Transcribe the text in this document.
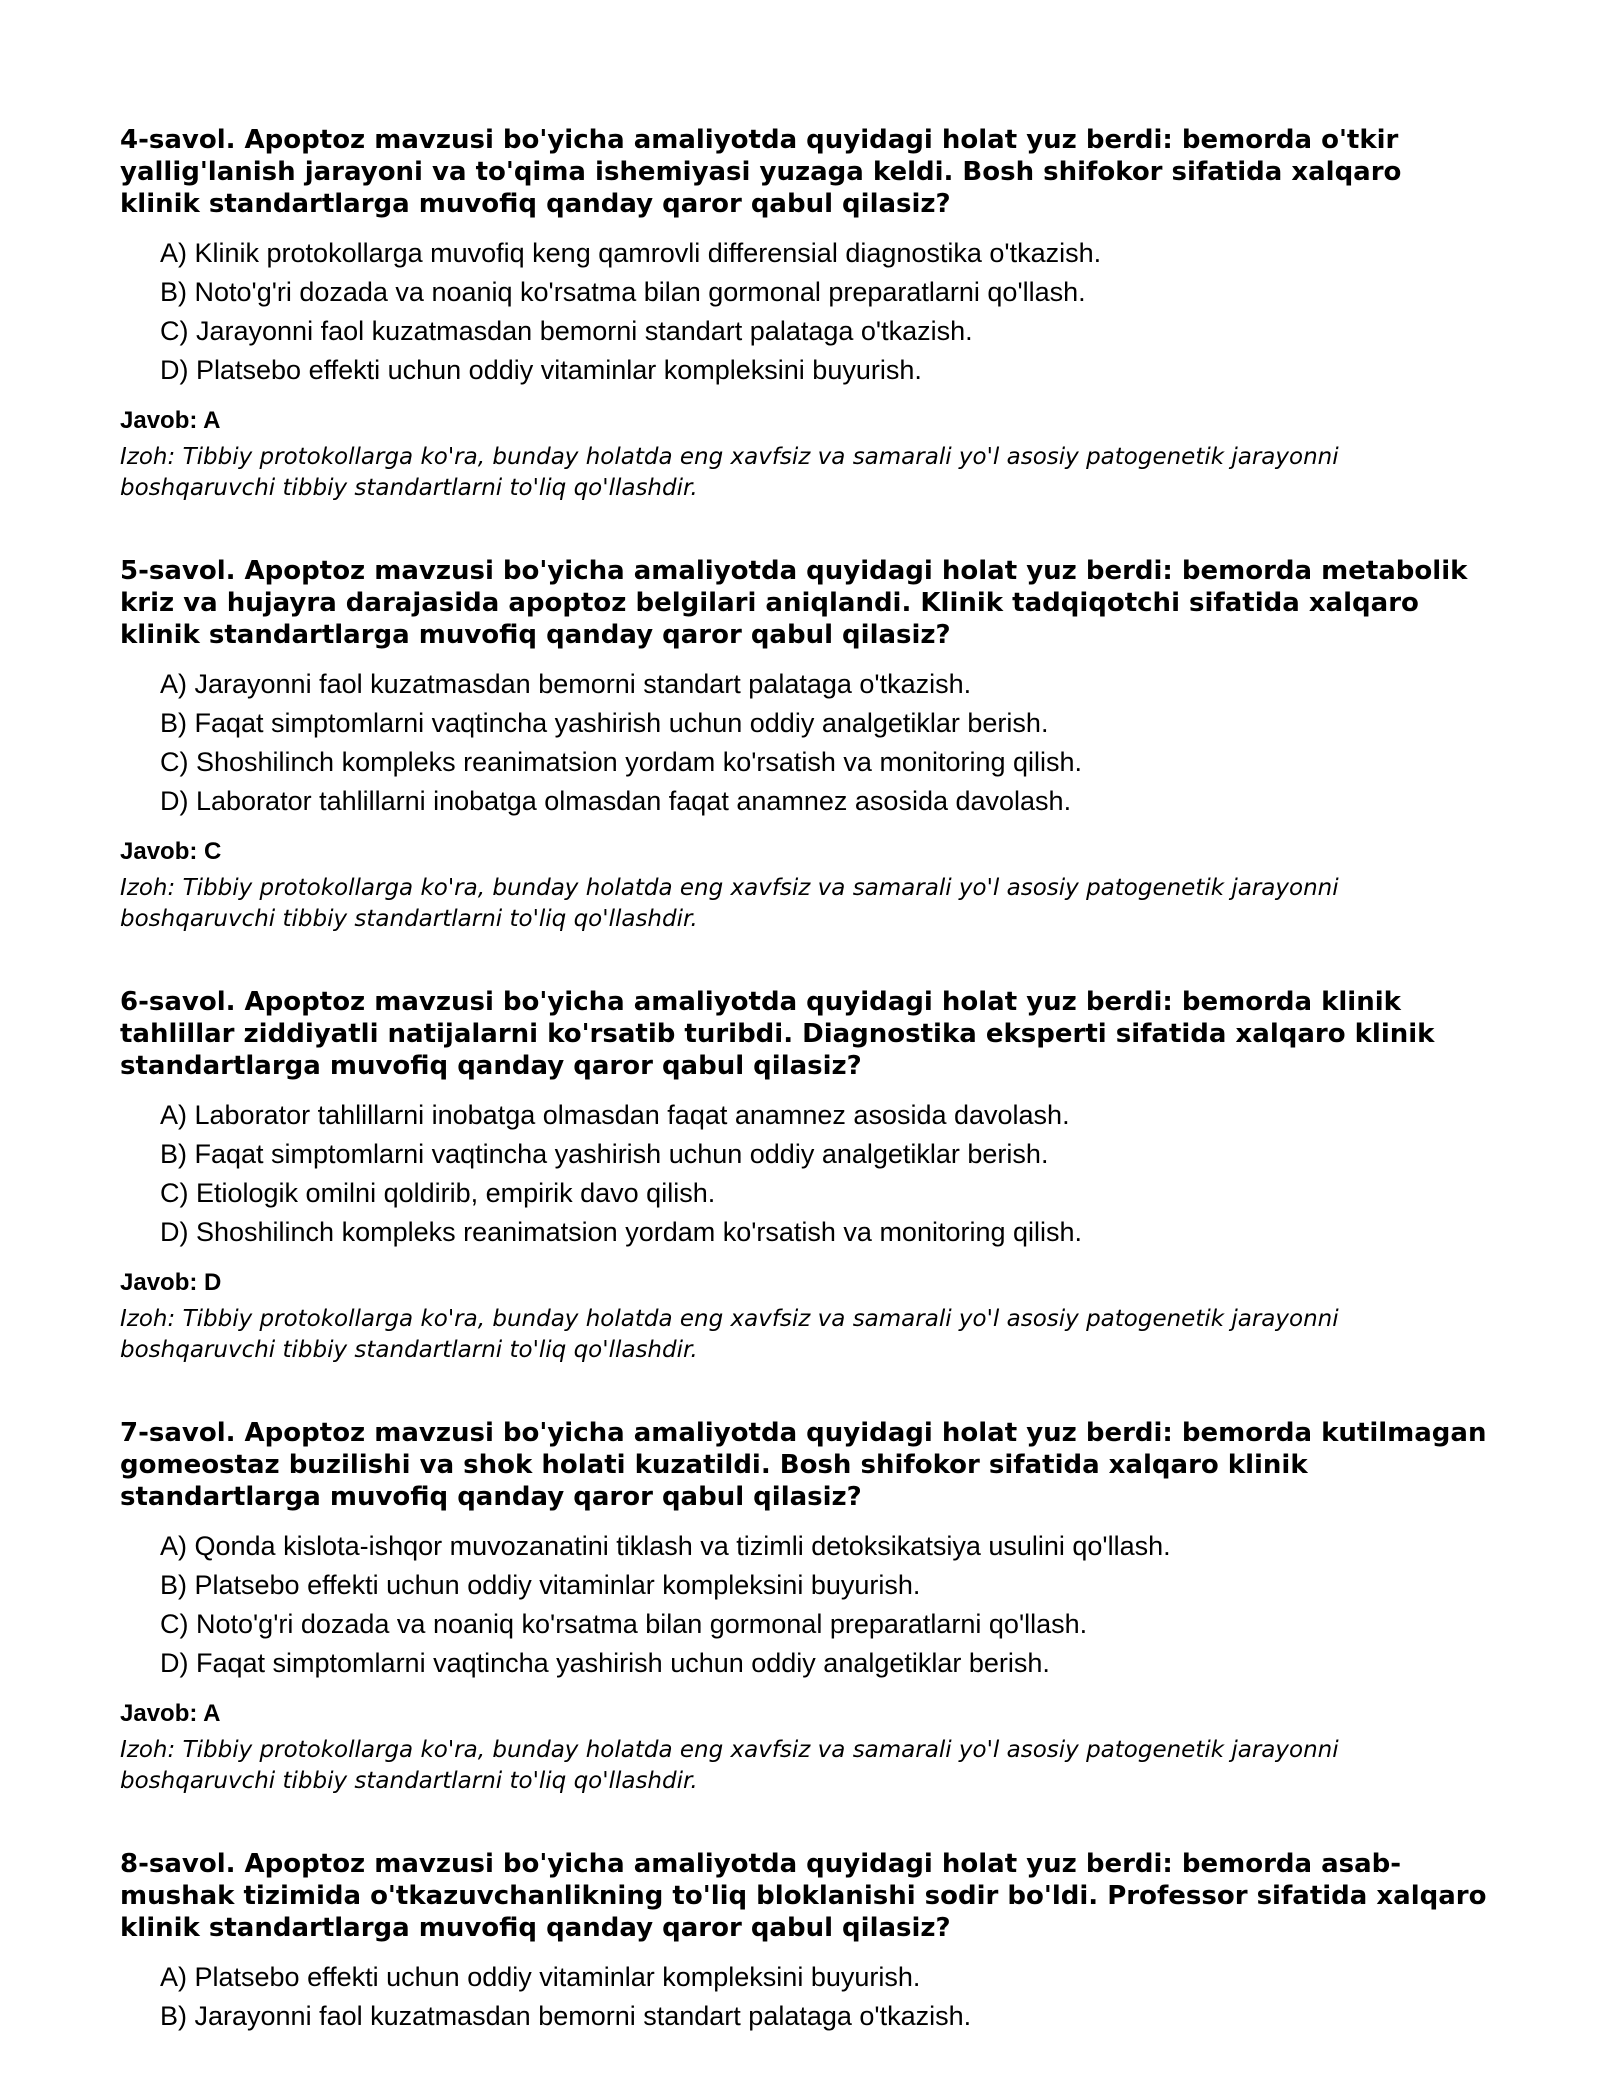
4-savol. Apoptoz mavzusi bo'yicha amaliyotda quyidagi holat yuz berdi: bemorda o'tkir yallig'lanish jarayoni va to'qima ishemiyasi yuzaga keldi. Bosh shifokor sifatida xalqaro klinik standartlarga muvofiq qanday qaror qabul qilasiz?

A) Klinik protokollarga muvofiq keng qamrovli differensial diagnostika o'tkazish.
B) Noto'g'ri dozada va noaniq ko'rsatma bilan gormonal preparatlarni qo'llash.
C) Jarayonni faol kuzatmasdan bemorni standart palataga o'tkazish.
D) Platsebo effekti uchun oddiy vitaminlar kompleksini buyurish.

Javob: A

Izoh: Tibbiy protokollarga ko'ra, bunday holatda eng xavfsiz va samarali yo'l asosiy patogenetik jarayonni boshqaruvchi tibbiy standartlarni to'liq qo'llashdir.

5-savol. Apoptoz mavzusi bo'yicha amaliyotda quyidagi holat yuz berdi: bemorda metabolik kriz va hujayra darajasida apoptoz belgilari aniqlandi. Klinik tadqiqotchi sifatida xalqaro klinik standartlarga muvofiq qanday qaror qabul qilasiz?

A) Jarayonni faol kuzatmasdan bemorni standart palataga o'tkazish.
B) Faqat simptomlarni vaqtincha yashirish uchun oddiy analgetiklar berish.
C) Shoshilinch kompleks reanimatsion yordam ko'rsatish va monitoring qilish.
D) Laborator tahlillarni inobatga olmasdan faqat anamnez asosida davolash.

Javob: C

Izoh: Tibbiy protokollarga ko'ra, bunday holatda eng xavfsiz va samarali yo'l asosiy patogenetik jarayonni boshqaruvchi tibbiy standartlarni to'liq qo'llashdir.

6-savol. Apoptoz mavzusi bo'yicha amaliyotda quyidagi holat yuz berdi: bemorda klinik tahlillar ziddiyatli natijalarni ko'rsatib turibdi. Diagnostika eksperti sifatida xalqaro klinik standartlarga muvofiq qanday qaror qabul qilasiz?

A) Laborator tahlillarni inobatga olmasdan faqat anamnez asosida davolash.
B) Faqat simptomlarni vaqtincha yashirish uchun oddiy analgetiklar berish.
C) Etiologik omilni qoldirib, empirik davo qilish.
D) Shoshilinch kompleks reanimatsion yordam ko'rsatish va monitoring qilish.

Javob: D

Izoh: Tibbiy protokollarga ko'ra, bunday holatda eng xavfsiz va samarali yo'l asosiy patogenetik jarayonni boshqaruvchi tibbiy standartlarni to'liq qo'llashdir.

7-savol. Apoptoz mavzusi bo'yicha amaliyotda quyidagi holat yuz berdi: bemorda kutilmagan gomeostaz buzilishi va shok holati kuzatildi. Bosh shifokor sifatida xalqaro klinik standartlarga muvofiq qanday qaror qabul qilasiz?

A) Qonda kislota-ishqor muvozanatini tiklash va tizimli detoksikatsiya usulini qo'llash.
B) Platsebo effekti uchun oddiy vitaminlar kompleksini buyurish.
C) Noto'g'ri dozada va noaniq ko'rsatma bilan gormonal preparatlarni qo'llash.
D) Faqat simptomlarni vaqtincha yashirish uchun oddiy analgetiklar berish.

Javob: A

Izoh: Tibbiy protokollarga ko'ra, bunday holatda eng xavfsiz va samarali yo'l asosiy patogenetik jarayonni boshqaruvchi tibbiy standartlarni to'liq qo'llashdir.

8-savol. Apoptoz mavzusi bo'yicha amaliyotda quyidagi holat yuz berdi: bemorda asab-mushak tizimida o'tkazuvchanlikning to'liq bloklanishi sodir bo'ldi. Professor sifatida xalqaro klinik standartlarga muvofiq qanday qaror qabul qilasiz?

A) Platsebo effekti uchun oddiy vitaminlar kompleksini buyurish.
B) Jarayonni faol kuzatmasdan bemorni standart palataga o'tkazish.
